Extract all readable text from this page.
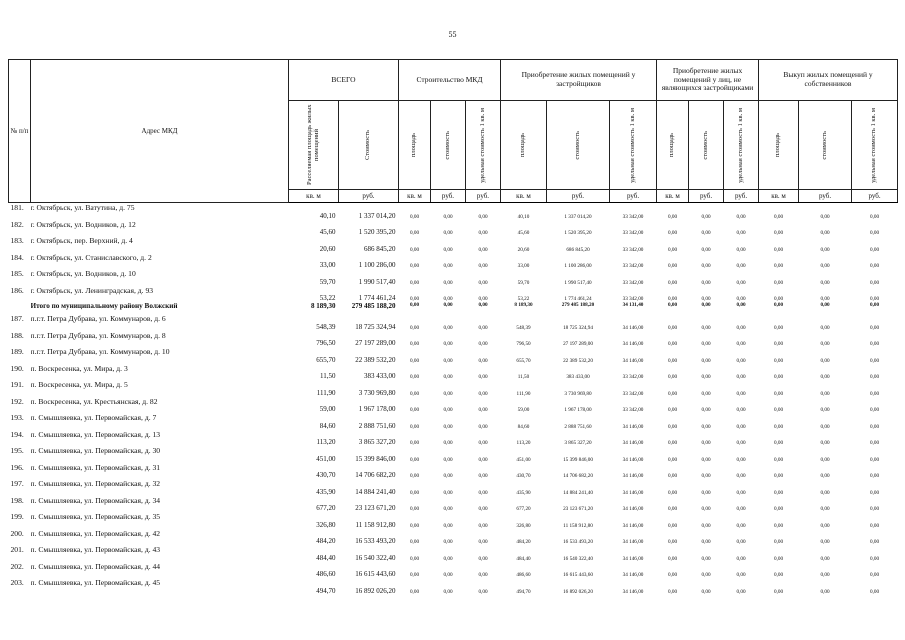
55
№ п/п	Адрес МКД	ВСЕГО		Строительство МКД			Приобретение жилых помещений у застройщиков			Приобретение жилых помещений у лиц, не являющихся застройщиками			Выкуп жилых помещений у собственников		

		Расселяемая площадь жилых помещений	Стоимость	площадь	стоимость	удельная стоимость 1 кв. м	площадь	стоимость	удельная стоимость 1 кв. м	площадь	стоимость	удельная стоимость 1 кв. м	площадь	стоимость	удельная стоимость 1 кв. м

		кв. м	руб.	кв. м	руб.	руб.	кв. м	руб.	руб.	кв. м	руб.	руб.	кв. м	руб.	руб.
181.	г. Октябрьск, ул. Ватутина, д. 75	40,10	1 337 014,20	0,00	0,00	0,00	40,10	1 337 014,20	33 342,00	0,00	0,00	0,00	0,00	0,00	0,00
182.	г. Октябрьск, ул. Водников, д. 12	45,60	1 520 395,20	0,00	0,00	0,00	45,60	1 520 395,20	33 342,00	0,00	0,00	0,00	0,00	0,00	0,00
183.	г. Октябрьск, пер. Верхний, д. 4	20,60	686 845,20	0,00	0,00	0,00	20,60	686 845,20	33 342,00	0,00	0,00	0,00	0,00	0,00	0,00
184.	г. Октябрьск, ул. Станиславского, д. 2	33,00	1 100 286,00	0,00	0,00	0,00	33,00	1 100 286,00	33 342,00	0,00	0,00	0,00	0,00	0,00	0,00
185.	г. Октябрьск, ул. Водников, д. 10	59,70	1 990 517,40	0,00	0,00	0,00	59,70	1 990 517,40	33 342,00	0,00	0,00	0,00	0,00	0,00	0,00
186.	г. Октябрьск, ул. Ленинградская, д. 93	53,22	1 774 461,24	0,00	0,00	0,00	53,22	1 774 461,24	33 342,00	0,00	0,00	0,00	0,00	0,00	0,00
	Итого по муниципальному району Волжский	8 189,30	279 485 188,20	0,00	0,00	0,00	8 189,30	279 485 188,20	34 131,40	0,00	0,00	0,00	0,00	0,00	0,00
187.	п.г.т. Петра Дубрава, ул. Коммунаров, д. 6	548,39	18 725 324,94	0,00	0,00	0,00	548,39	18 725 324,94	34 146,00	0,00	0,00	0,00	0,00	0,00	0,00
188.	п.г.т. Петра Дубрава, ул. Коммунаров, д. 8	796,50	27 197 289,00	0,00	0,00	0,00	796,50	27 197 289,00	34 146,00	0,00	0,00	0,00	0,00	0,00	0,00
189.	п.г.т. Петра Дубрава, ул. Коммунаров, д. 10	655,70	22 389 532,20	0,00	0,00	0,00	655,70	22 389 532,20	34 146,00	0,00	0,00	0,00	0,00	0,00	0,00
190.	п. Воскресенка, ул. Мира, д. 3	11,50	383 433,00	0,00	0,00	0,00	11,50	383 433,00	33 342,00	0,00	0,00	0,00	0,00	0,00	0,00
191.	п. Воскресенка, ул. Мира, д. 5	111,90	3 730 969,80	0,00	0,00	0,00	111,90	3 730 969,80	33 342,00	0,00	0,00	0,00	0,00	0,00	0,00
192.	п. Воскресенка, ул. Крестьянская, д. 82	59,00	1 967 178,00	0,00	0,00	0,00	59,00	1 967 178,00	33 342,00	0,00	0,00	0,00	0,00	0,00	0,00
193.	п. Смышляевка, ул. Первомайская, д. 7	84,60	2 888 751,60	0,00	0,00	0,00	84,60	2 888 751,60	34 146,00	0,00	0,00	0,00	0,00	0,00	0,00
194.	п. Смышляевка, ул. Первомайская, д. 13	113,20	3 865 327,20	0,00	0,00	0,00	113,20	3 865 327,20	34 146,00	0,00	0,00	0,00	0,00	0,00	0,00
195.	п. Смышляевка, ул. Первомайская, д. 30	451,00	15 399 846,00	0,00	0,00	0,00	451,00	15 399 846,00	34 146,00	0,00	0,00	0,00	0,00	0,00	0,00
196.	п. Смышляевка, ул. Первомайская, д. 31	430,70	14 706 682,20	0,00	0,00	0,00	430,70	14 706 682,20	34 146,00	0,00	0,00	0,00	0,00	0,00	0,00
197.	п. Смышляевка, ул. Первомайская, д. 32	435,90	14 884 241,40	0,00	0,00	0,00	435,90	14 884 241,40	34 146,00	0,00	0,00	0,00	0,00	0,00	0,00
198.	п. Смышляевка, ул. Первомайская, д. 34	677,20	23 123 671,20	0,00	0,00	0,00	677,20	23 123 671,20	34 146,00	0,00	0,00	0,00	0,00	0,00	0,00
199.	п. Смышляевка, ул. Первомайская, д. 35	326,80	11 158 912,80	0,00	0,00	0,00	326,80	11 158 912,80	34 146,00	0,00	0,00	0,00	0,00	0,00	0,00
200.	п. Смышляевка, ул. Первомайская, д. 42	484,20	16 533 493,20	0,00	0,00	0,00	484,20	16 533 493,20	34 146,00	0,00	0,00	0,00	0,00	0,00	0,00
201.	п. Смышляевка, ул. Первомайская, д. 43	484,40	16 540 322,40	0,00	0,00	0,00	484,40	16 540 322,40	34 146,00	0,00	0,00	0,00	0,00	0,00	0,00
202.	п. Смышляевка, ул. Первомайская, д. 44	486,60	16 615 443,60	0,00	0,00	0,00	486,60	16 615 443,60	34 146,00	0,00	0,00	0,00	0,00	0,00	0,00
203.	п. Смышляевка, ул. Первомайская, д. 45	494,70	16 892 026,20	0,00	0,00	0,00	494,70	16 892 026,20	34 146,00	0,00	0,00	0,00	0,00	0,00	0,00
